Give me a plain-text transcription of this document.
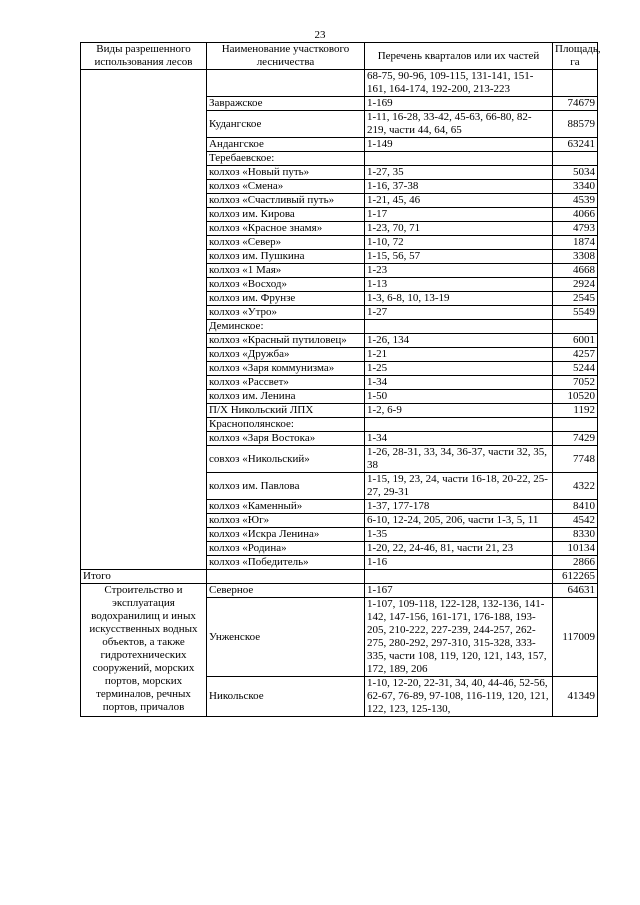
23
Виды разрешенного использования лесов	Наименование участкового лесничества	Перечень кварталов или их частей	Площадь, га
		68-75, 90-96, 109-115, 131-141, 151-161, 164-174, 192-200, 213-223	
	Завражское	1-169	74679
	Кудангское	1-11, 16-28, 33-42, 45-63, 66-80, 82-219, части 44, 64, 65	88579
	Андангское	1-149	63241
	Теребаевское:		
	колхоз «Новый путь»	1-27, 35	5034
	колхоз «Смена»	1-16, 37-38	3340
	колхоз «Счастливый путь»	1-21, 45, 46	4539
	колхоз им. Кирова	1-17	4066
	колхоз «Красное знамя»	1-23, 70, 71	4793
	колхоз «Север»	1-10, 72	1874
	колхоз им. Пушкина	1-15, 56, 57	3308
	колхоз «1 Мая»	1-23	4668
	колхоз «Восход»	1-13	2924
	колхоз им. Фрунзе	1-3, 6-8, 10, 13-19	2545
	колхоз «Утро»	1-27	5549
	Деминское:		
	колхоз «Красный путиловец»	1-26, 134	6001
	колхоз «Дружба»	1-21	4257
	колхоз «Заря коммунизма»	1-25	5244
	колхоз «Рассвет»	1-34	7052
	колхоз им. Ленина	1-50	10520
	П/Х Никольский ЛПХ	1-2, 6-9	1192
	Краснополянское:		
	колхоз «Заря Востока»	1-34	7429
	совхоз «Никольский»	1-26, 28-31, 33, 34, 36-37, части 32, 35, 38	7748
	колхоз им. Павлова	1-15, 19, 23, 24, части 16-18, 20-22, 25-27, 29-31	4322
	колхоз «Каменный»	1-37, 177-178	8410
	колхоз «Юг»	6-10, 12-24, 205, 206, части 1-3, 5, 11	4542
	колхоз «Искра Ленина»	1-35	8330
	колхоз «Родина»	1-20, 22, 24-46, 81, части 21, 23	10134
	колхоз «Победитель»	1-16	2866
Итого			612265
Строительство и эксплуатация водохранилищ и иных искусственных водных объектов, а также гидротехнических сооружений, морских портов, морских терминалов, речных портов, причалов	Северное	1-167	64631
	Унженское	1-107, 109-118, 122-128, 132-136, 141-142, 147-156, 161-171, 176-188, 193-205, 210-222, 227-239, 244-257, 262-275, 280-292, 297-310, 315-328, 333-335, части 108, 119, 120, 121, 143, 157, 172, 189, 206	117009
	Никольское	1-10, 12-20, 22-31, 34, 40, 44-46, 52-56, 62-67, 76-89, 97-108, 116-119, 120, 121, 122, 123, 125-130,	41349
